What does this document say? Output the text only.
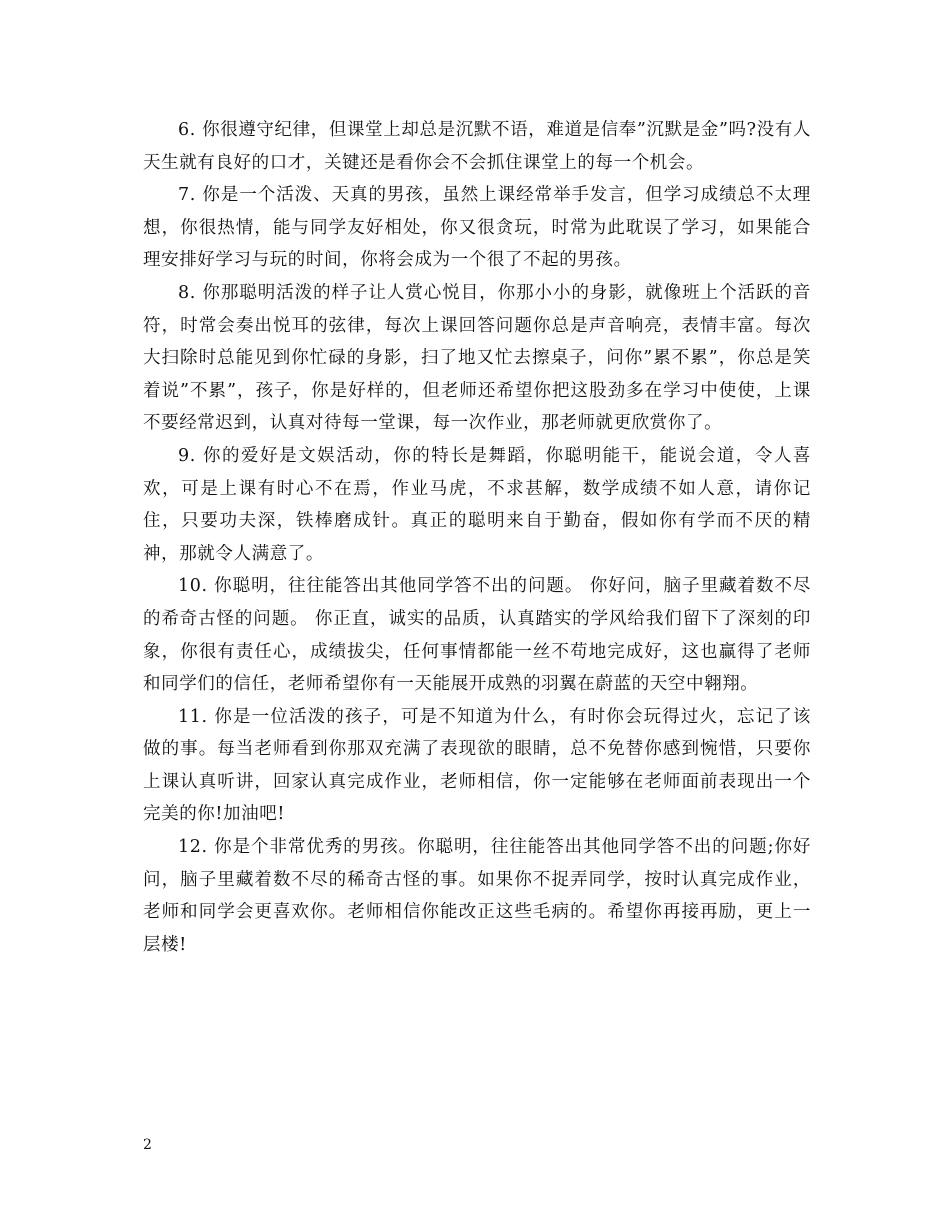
6. 你很遵守纪律，但课堂上却总是沉默不语，难道是信奉”沉默是金”吗?没有人天生就有良好的口才，关键还是看你会不会抓住课堂上的每一个机会。

7. 你是一个活泼、天真的男孩，虽然上课经常举手发言，但学习成绩总不太理想，你很热情，能与同学友好相处，你又很贪玩，时常为此耽误了学习，如果能合理安排好学习与玩的时间，你将会成为一个很了不起的男孩。

8. 你那聪明活泼的样子让人赏心悦目，你那小小的身影，就像班上个活跃的音符，时常会奏出悦耳的弦律，每次上课回答问题你总是声音响亮，表情丰富。每次大扫除时总能见到你忙碌的身影，扫了地又忙去擦桌子，问你”累不累”，你总是笑着说”不累”，孩子，你是好样的，但老师还希望你把这股劲多在学习中使使，上课不要经常迟到，认真对待每一堂课，每一次作业，那老师就更欣赏你了。

9. 你的爱好是文娱活动，你的特长是舞蹈，你聪明能干，能说会道，令人喜欢，可是上课有时心不在焉，作业马虎，不求甚解，数学成绩不如人意，请你记住，只要功夫深，铁棒磨成针。真正的聪明来自于勤奋，假如你有学而不厌的精神，那就令人满意了。

10. 你聪明，往往能答出其他同学答不出的问题。 你好问，脑子里藏着数不尽的希奇古怪的问题。 你正直，诚实的品质，认真踏实的学风给我们留下了深刻的印象，你很有责任心，成绩拔尖，任何事情都能一丝不苟地完成好，这也赢得了老师和同学们的信任，老师希望你有一天能展开成熟的羽翼在蔚蓝的天空中翱翔。

11. 你是一位活泼的孩子，可是不知道为什么，有时你会玩得过火，忘记了该做的事。每当老师看到你那双充满了表现欲的眼睛，总不免替你感到惋惜，只要你上课认真听讲，回家认真完成作业，老师相信，你一定能够在老师面前表现出一个完美的你!加油吧!

12. 你是个非常优秀的男孩。你聪明，往往能答出其他同学答不出的问题;你好问，脑子里藏着数不尽的稀奇古怪的事。如果你不捉弄同学，按时认真完成作业，老师和同学会更喜欢你。老师相信你能改正这些毛病的。希望你再接再励，更上一层楼!

2
